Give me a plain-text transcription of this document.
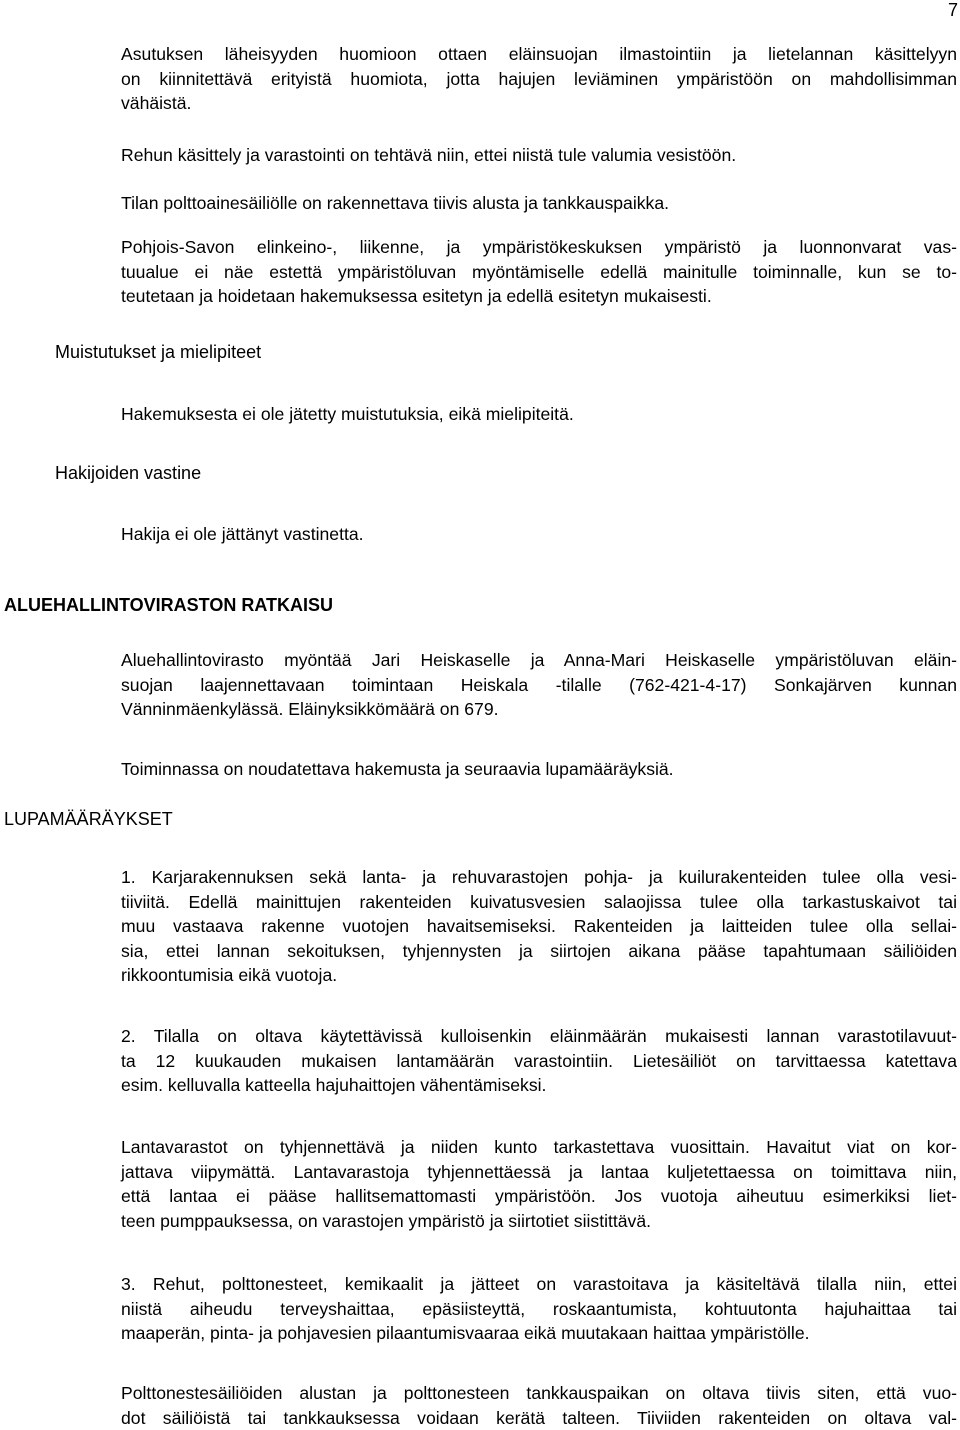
7
Asutuksen läheisyyden huomioon ottaen eläinsuojan ilmastointiin ja lietelannan käsittelyyn
on kiinnitettävä erityistä huomiota, jotta hajujen leviäminen ympäristöön on mahdollisimman
vähäistä.
Rehun käsittely ja varastointi on tehtävä niin, ettei niistä tule valumia vesistöön.
Tilan polttoainesäiliölle on rakennettava tiivis alusta ja tankkauspaikka.
Pohjois-Savon elinkeino-, liikenne, ja ympäristökeskuksen ympäristö ja luonnonvarat vas-
tuualue ei näe estettä ympäristöluvan myöntämiselle edellä mainitulle toiminnalle, kun se to-
teutetaan ja hoidetaan hakemuksessa esitetyn ja edellä esitetyn mukaisesti.
Muistutukset ja mielipiteet
Hakemuksesta ei ole jätetty muistutuksia, eikä mielipiteitä.
Hakijoiden vastine
Hakija ei ole jättänyt vastinetta.
ALUEHALLINTOVIRASTON RATKAISU
Aluehallintovirasto myöntää Jari Heiskaselle ja Anna-Mari Heiskaselle ympäristöluvan eläin-
suojan laajennettavaan toimintaan Heiskala -tilalle (762-421-4-17) Sonkajärven kunnan
Vänninmäenkylässä. Eläinyksikkömäärä on 679.
Toiminnassa on noudatettava hakemusta ja seuraavia lupamääräyksiä.
LUPAMÄÄRÄYKSET
1. Karjarakennuksen sekä lanta- ja rehuvarastojen pohja- ja kuilurakenteiden tulee olla vesi-
tiiviitä. Edellä mainittujen rakenteiden kuivatusvesien salaojissa tulee olla tarkastuskaivot tai
muu vastaava rakenne vuotojen havaitsemiseksi. Rakenteiden ja laitteiden tulee olla sellai-
sia, ettei lannan sekoituksen, tyhjennysten ja siirtojen aikana pääse tapahtumaan säiliöiden
rikkoontumisia eikä vuotoja.
2. Tilalla on oltava käytettävissä kulloisenkin eläinmäärän mukaisesti lannan varastotilavuut-
ta 12 kuukauden mukaisen lantamäärän varastointiin. Lietesäiliöt on tarvittaessa katettava
esim. kelluvalla katteella hajuhaittojen vähentämiseksi.
Lantavarastot on tyhjennettävä ja niiden kunto tarkastettava vuosittain. Havaitut viat on kor-
jattava viipymättä. Lantavarastoja tyhjennettäessä ja lantaa kuljetettaessa on toimittava niin,
että lantaa ei pääse hallitsemattomasti ympäristöön. Jos vuotoja aiheutuu esimerkiksi liet-
teen pumppauksessa, on varastojen ympäristö ja siirtotiet siistittävä.
3. Rehut, polttonesteet, kemikaalit ja jätteet on varastoitava ja käsiteltävä tilalla niin, ettei
niistä aiheudu terveyshaittaa, epäsiisteyttä, roskaantumista, kohtuutonta hajuhaittaa tai
maaperän, pinta- ja pohjavesien pilaantumisvaaraa eikä muutakaan haittaa ympäristölle.
Polttonestesäiliöiden alustan ja polttonesteen tankkauspaikan on oltava tiivis siten, että vuo-
dot säiliöistä tai tankkauksessa voidaan kerätä talteen. Tiiviiden rakenteiden on oltava val-
